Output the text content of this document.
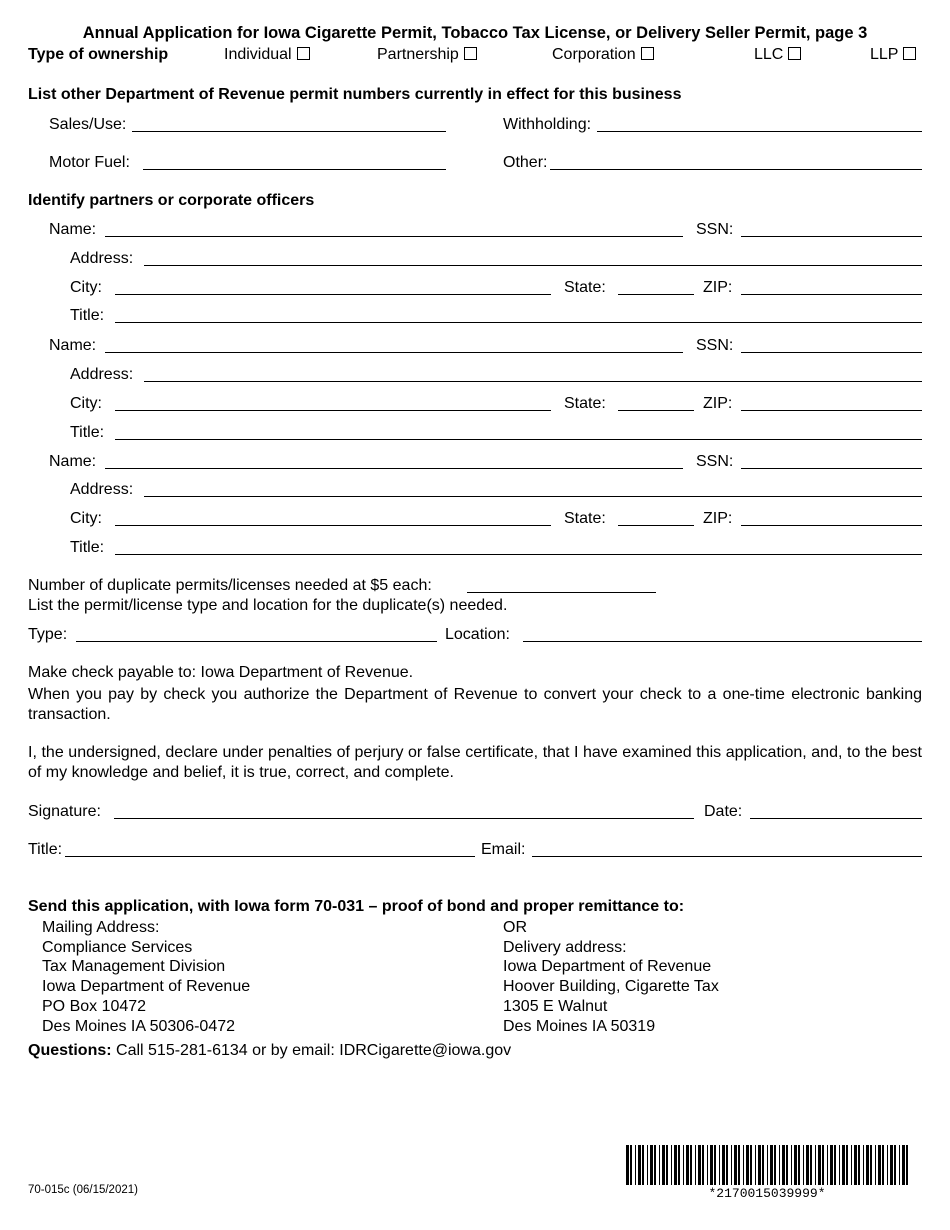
Annual Application for Iowa Cigarette Permit, Tobacco Tax License, or Delivery Seller Permit, page 3
Type of ownership	Individual	Partnership	Corporation	LLC	LLP
List other Department of Revenue permit numbers currently in effect for this business
Sales/Use:	Withholding:
Motor Fuel:	Other:
Identify partners or corporate officers
Name:	SSN:
Address:
City:	State:	ZIP:
Title:
Name:	SSN:
Address:
City:	State:	ZIP:
Title:
Name:	SSN:
Address:
City:	State:	ZIP:
Title:
Number of duplicate permits/licenses needed at $5 each:
List the permit/license type and location for the duplicate(s) needed.
Type:	Location:
Make check payable to: Iowa Department of Revenue.
When you pay by check you authorize the Department of Revenue to convert your check to a one-time electronic banking transaction.
I, the undersigned, declare under penalties of perjury or false certificate, that I have examined this application, and, to the best of my knowledge and belief, it is true, correct, and complete.
Signature:	Date:
Title:	Email:
Send this application, with Iowa form 70-031 – proof of bond and proper remittance to:
Mailing Address:
Compliance Services
Tax Management Division
Iowa Department of Revenue
PO Box 10472
Des Moines IA 50306-0472
OR
Delivery address:
Iowa Department of Revenue
Hoover Building, Cigarette Tax
1305 E Walnut
Des Moines IA 50319
Questions: Call 515-281-6134 or by email: IDRCigarette@iowa.gov
70-015c (06/15/2021)	*2170015039999*
